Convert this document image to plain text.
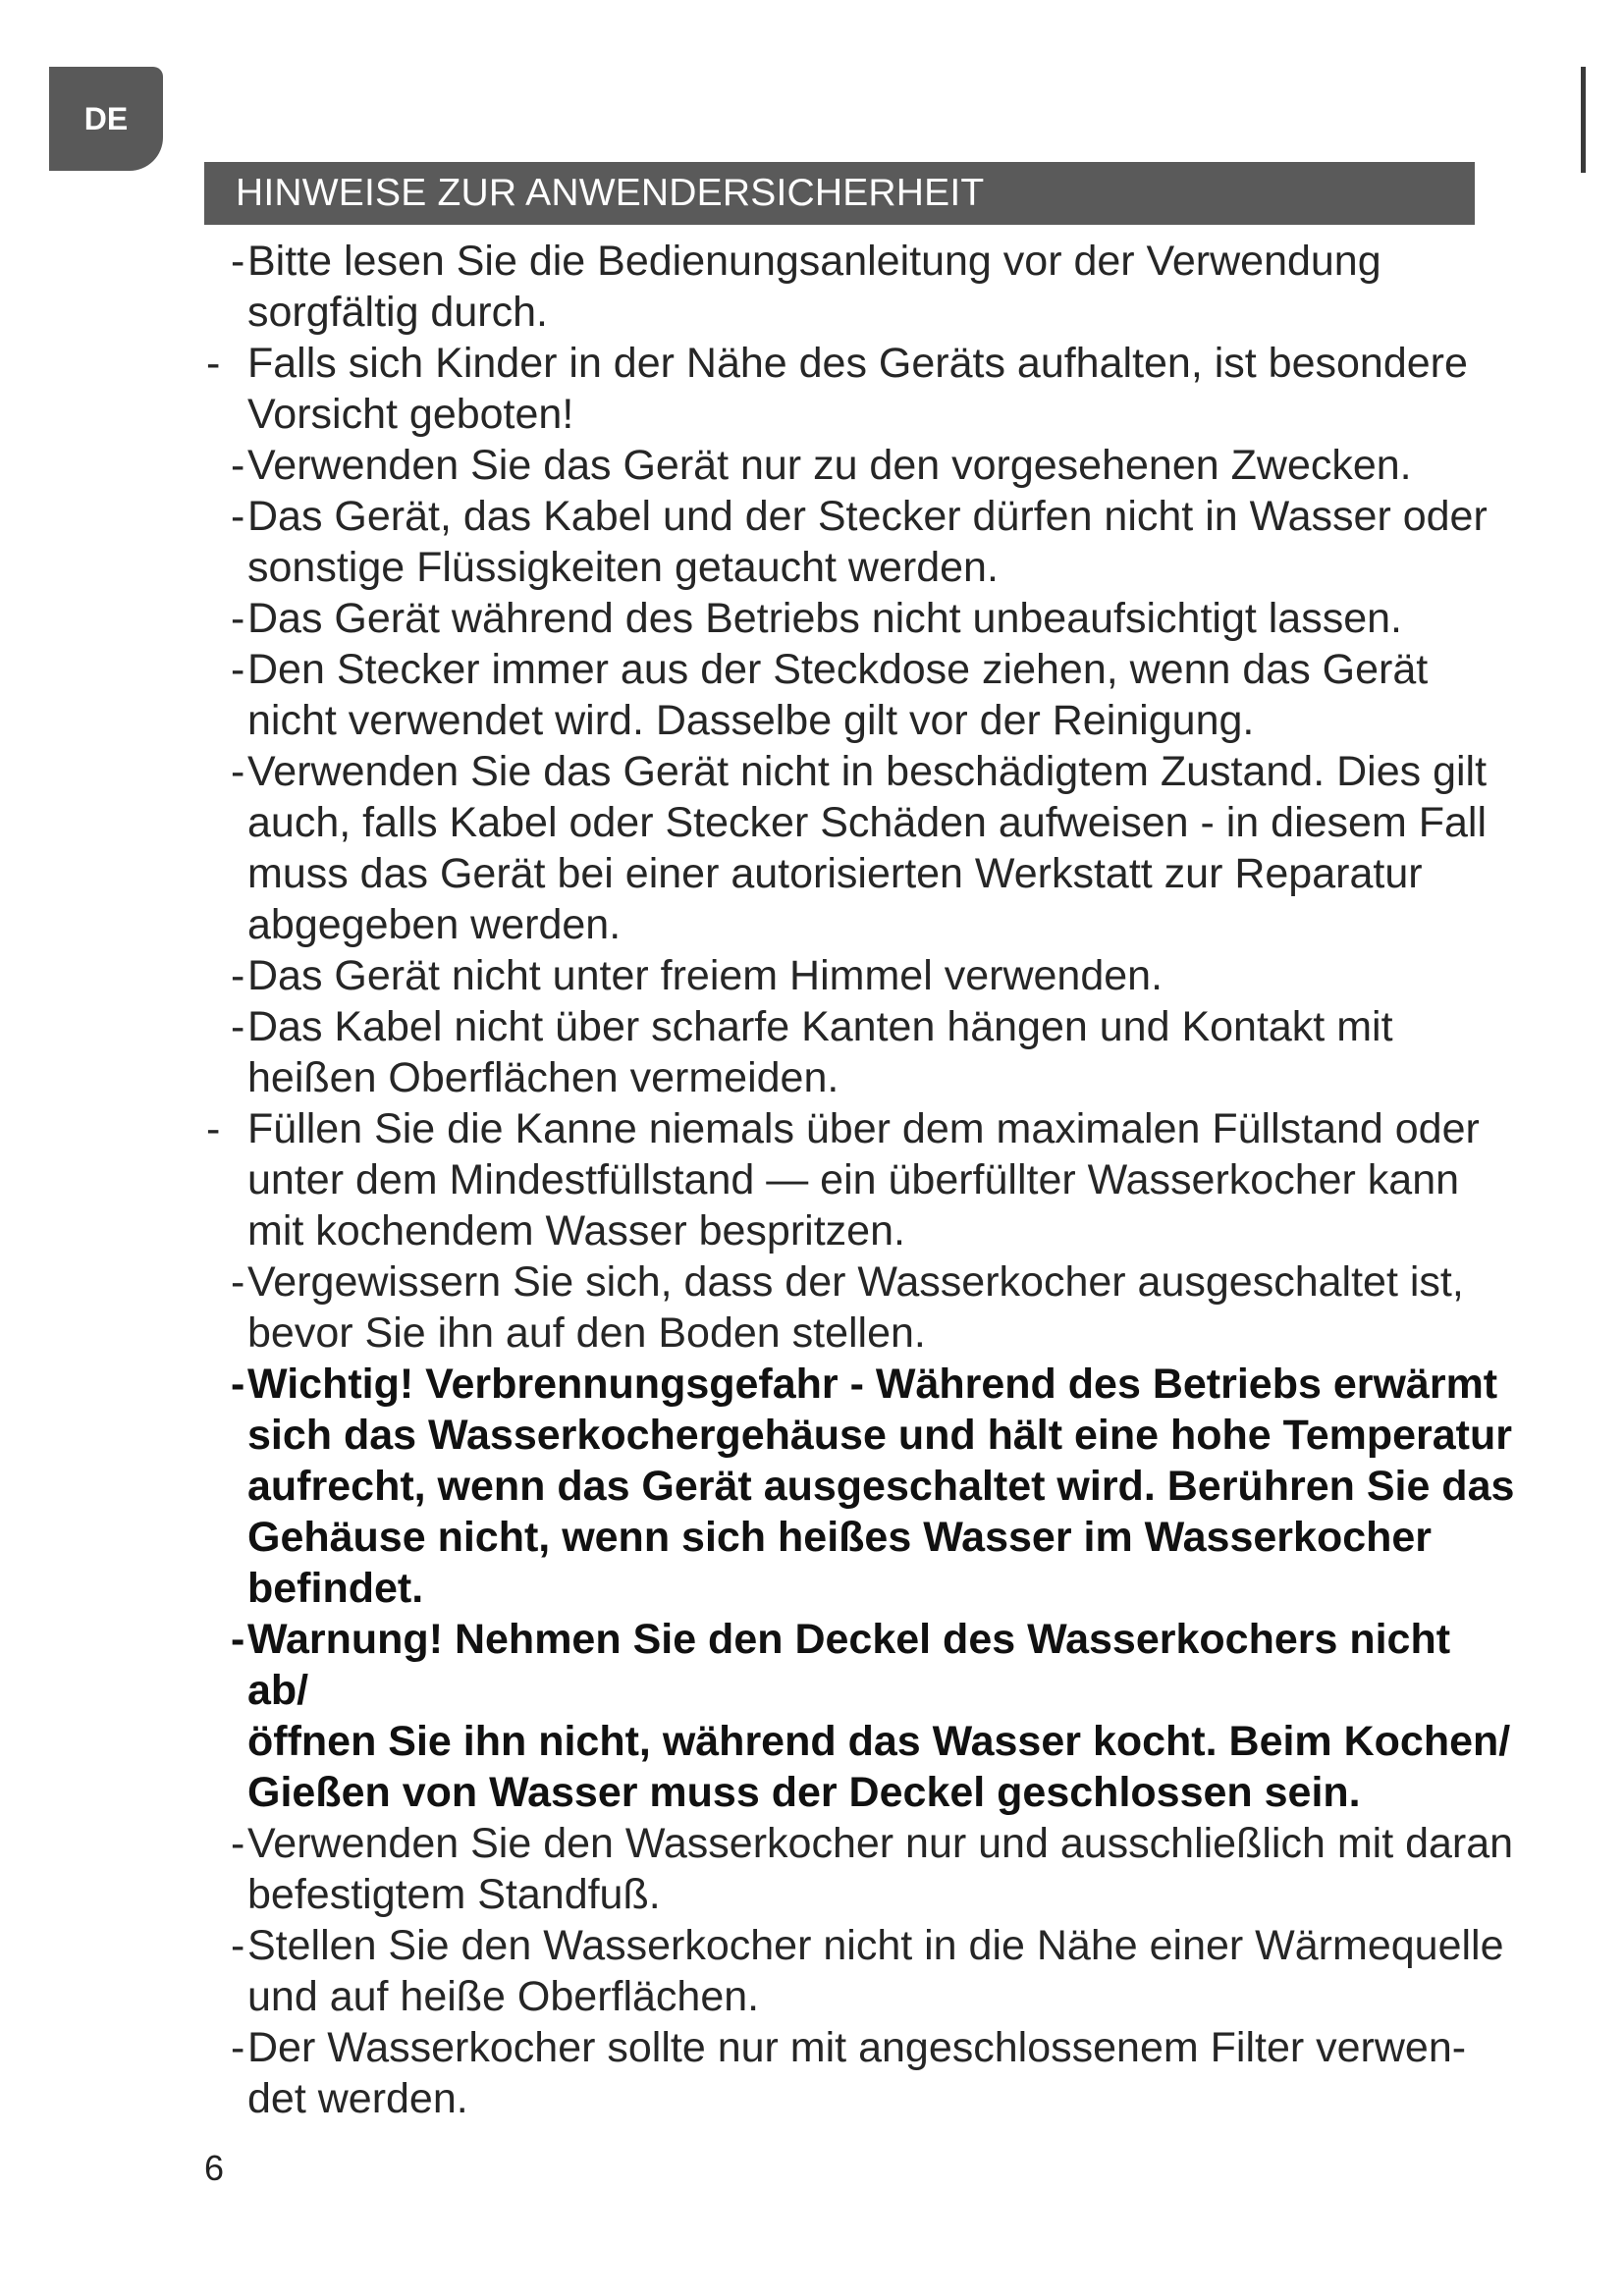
DE
HINWEISE ZUR ANWENDERSICHERHEIT
- Bitte lesen Sie die Bedienungsanleitung vor der Verwendung
sorgfältig durch.
- Falls sich Kinder in der Nähe des Geräts aufhalten, ist besondere
Vorsicht geboten!
- Verwenden Sie das Gerät nur zu den vorgesehenen Zwecken.
- Das Gerät, das Kabel und der Stecker dürfen nicht in Wasser oder
sonstige Flüssigkeiten getaucht werden.
- Das Gerät während des Betriebs nicht unbeaufsichtigt lassen.
- Den Stecker immer aus der Steckdose ziehen, wenn das Gerät
nicht verwendet wird. Dasselbe gilt vor der Reinigung.
- Verwenden Sie das Gerät nicht in beschädigtem Zustand. Dies gilt
auch, falls Kabel oder Stecker Schäden aufweisen - in diesem Fall
muss das Gerät bei einer autorisierten Werkstatt zur Reparatur
abgegeben werden.
- Das Gerät nicht unter freiem Himmel verwenden.
- Das Kabel nicht über scharfe Kanten hängen und Kontakt mit
heißen Oberflächen vermeiden.
- Füllen Sie die Kanne niemals über dem maximalen Füllstand oder
unter dem Mindestfüllstand — ein überfüllter Wasserkocher kann
mit kochendem Wasser bespritzen.
- Vergewissern Sie sich, dass der Wasserkocher ausgeschaltet ist,
bevor Sie ihn auf den Boden stellen.
- Wichtig! Verbrennungsgefahr - Während des Betriebs erwärmt
sich das Wasserkochergehäuse und hält eine hohe Temperatur
aufrecht, wenn das Gerät ausgeschaltet wird. Berühren Sie das
Gehäuse nicht, wenn sich heißes Wasser im Wasserkocher
befindet.
- Warnung! Nehmen Sie den Deckel des Wasserkochers nicht ab/
öffnen Sie ihn nicht, während das Wasser kocht. Beim Kochen/
Gießen von Wasser muss der Deckel geschlossen sein.
- Verwenden Sie den Wasserkocher nur und ausschließlich mit daran
befestigtem Standfuß.
- Stellen Sie den Wasserkocher nicht in die Nähe einer Wärmequelle
und auf heiße Oberflächen.
- Der Wasserkocher sollte nur mit angeschlossenem Filter verwen-
det werden.
6
